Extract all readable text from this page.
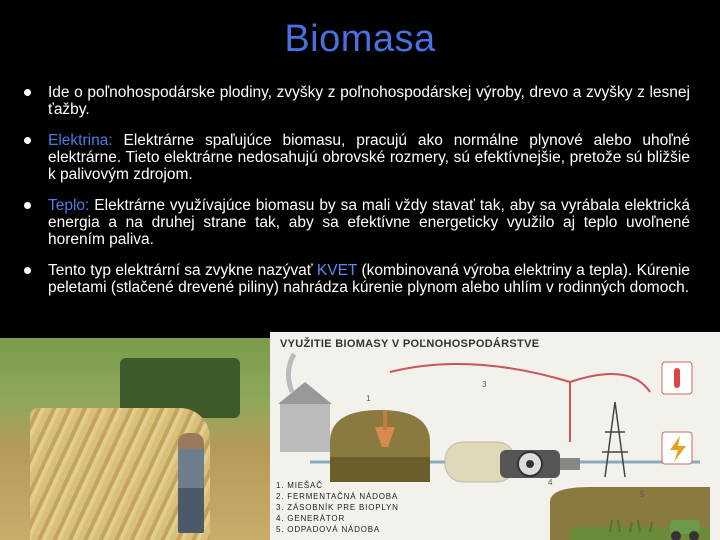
Biomasa
Ide o poľnohospodárske plodiny, zvyšky z poľnohospodárskej výroby, drevo a zvyšky z lesnej ťažby.
Elektrina: Elektrárne spaľujúce biomasu, pracujú ako normálne plynové alebo uhoľné elektrárne. Tieto elektrárne nedosahujú obrovské rozmery, sú efektívnejšie, pretože sú bližšie k palivovým zdrojom.
Teplo: Elektrárne využívajúce biomasu by sa mali vždy stavať tak, aby sa vyrábala elektrická energia a na druhej strane tak, aby sa efektívne energeticky využilo aj teplo uvoľnené horením paliva.
Tento typ elektrární sa zvykne nazývať KVET (kombinovaná výroba elektriny a tepla). Kúrenie peletami (stlačené drevené piliny) nahrádza kúrenie plynom alebo uhlím v rodinných domoch.
VYUŽITIE BIOMASY V POĽNOHOSPODÁRSTVE
1
3
4
5
1. MIEŠAČ
2. FERMENTAČNÁ NÁDOBA
3. ZÁSOBNÍK PRE BIOPLYN
4. GENERÁTOR
5. ODPADOVÁ NÁDOBA
